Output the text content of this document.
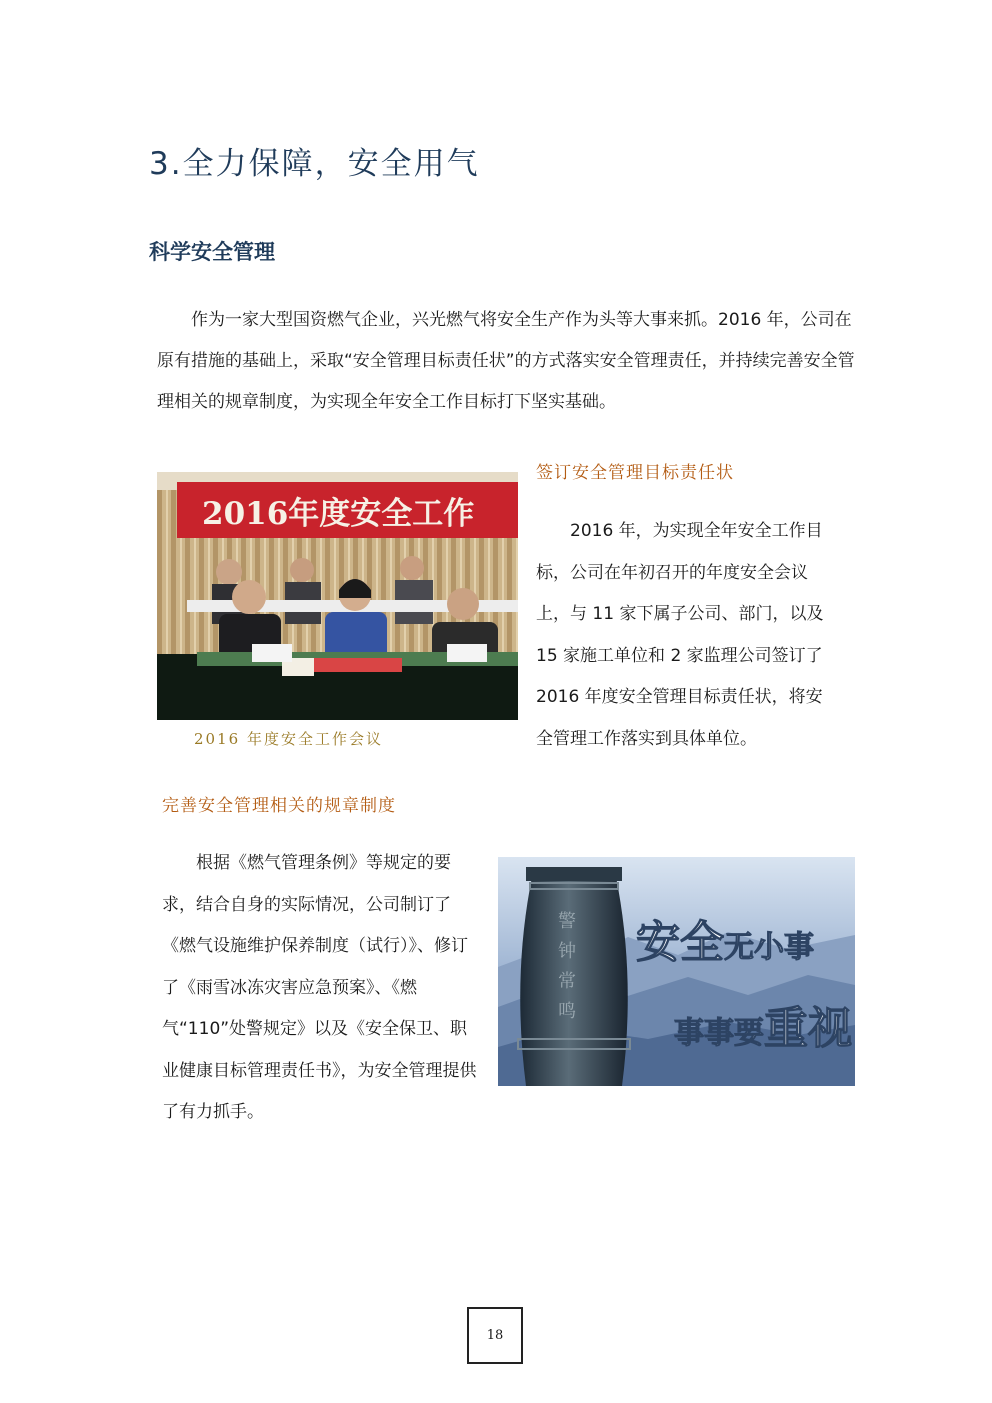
3.全力保障，安全用气
科学安全管理

作为一家大型国资燃气企业，兴光燃气将安全生产作为头等大事来抓。2016 年，公司在原有措施的基础上，采取“安全管理目标责任状”的方式落实安全管理责任，并持续完善安全管理相关的规章制度，为实现全年安全工作目标打下坚实基础。

签订安全管理目标责任状
2016年度安全工作
2016 年度安全工作会议

2016 年，为实现全年安全工作目标，公司在年初召开的年度安全会议上，与 11 家下属子公司、部门，以及 15 家施工单位和 2 家监理公司签订了 2016 年度安全管理目标责任状，将安全管理工作落实到具体单位。

完善安全管理相关的规章制度

根据《燃气管理条例》等规定的要求，结合自身的实际情况，公司制订了《燃气设施维护保养制度（试行）》、修订了《雨雪冰冻灾害应急预案》、《燃气“110”处警规定》以及《安全保卫、职业健康目标管理责任书》，为安全管理提供了有力抓手。

警
钟
常
鸣
安全无小事
事事要重视
18
